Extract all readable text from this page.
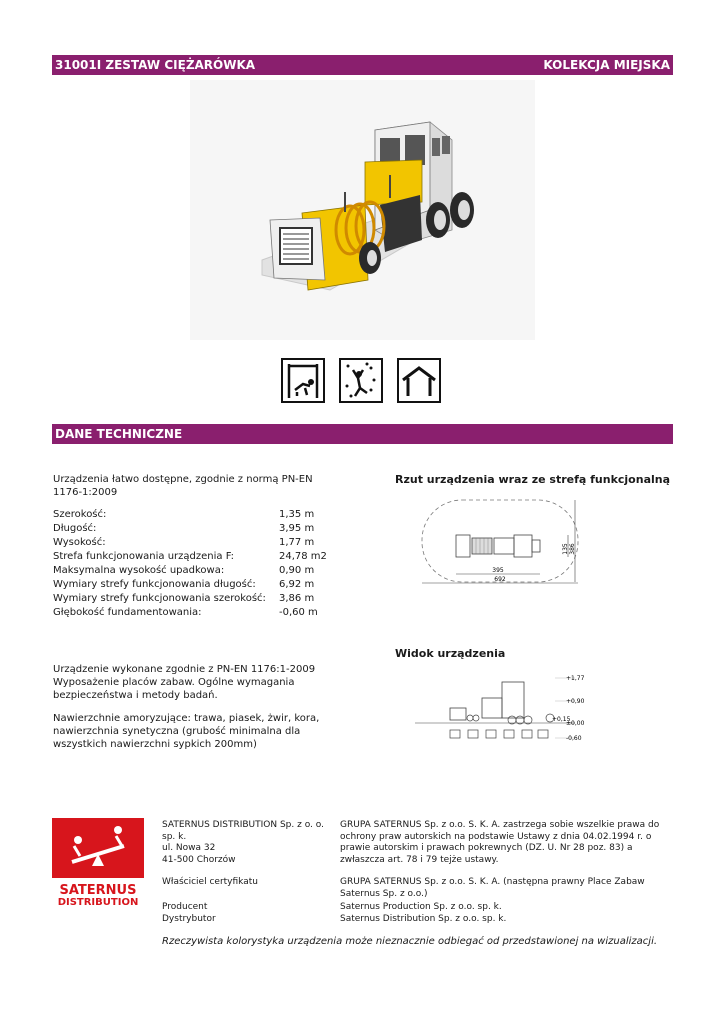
31001I ZESTAW CIĘŻARÓWKA	KOLEKCJA MIEJSKA
DANE TECHNICZNE
Urządzenia łatwo dostępne, zgodnie z normą PN-EN 1176-1:2009
Szerokość:	1,35 m
Długość:	3,95 m
Wysokość:	1,77 m
Strefa funkcjonowania urządzenia F:	24,78 m2
Maksymalna wysokość upadkowa:	0,90 m
Wymiary strefy funkcjonowania długość:	6,92 m
Wymiary strefy funkcjonowania szerokość:	3,86 m
Głębokość fundamentowania:	-0,60 m
Urządzenie wykonane zgodnie z PN-EN 1176:1-2009 Wyposażenie placów zabaw. Ogólne wymagania bezpieczeństwa i metody badań.
Nawierzchnie amoryzujące: trawa, piasek, żwir, kora, nawierzchnia synetyczna (grubość minimalna dla wszystkich nawierzchni sypkich 200mm)
Rzut urządzenia wraz ze strefą funkcjonalną
395
692
135 386
Widok urządzenia
+1,77
+0,90
+0,15
±0,00
-0,60
SATERNUS
DISTRIBUTION
SATERNUS DISTRIBUTION Sp. z o. o. sp. k.
ul. Nowa 32
41-500 Chorzów
GRUPA SATERNUS Sp. z o.o. S. K. A. zastrzega sobie wszelkie prawa do ochrony praw autorskich na podstawie Ustawy z dnia 04.02.1994 r. o prawie autorskim i prawach pokrewnych (DZ. U. Nr 28 poz. 83) a zwłaszcza art. 78 i 79 tejże ustawy.
Właściciel certyfikatu	GRUPA SATERNUS Sp. z o.o. S. K. A. (następna prawny Place Zabaw Saternus Sp. z o.o.)
Producent	Saternus Production Sp. z o.o. sp. k.
Dystrybutor	Saternus Distribution Sp. z o.o. sp. k.
Rzeczywista kolorystyka urządzenia może nieznacznie odbiegać od przedstawionej na wizualizacji.
